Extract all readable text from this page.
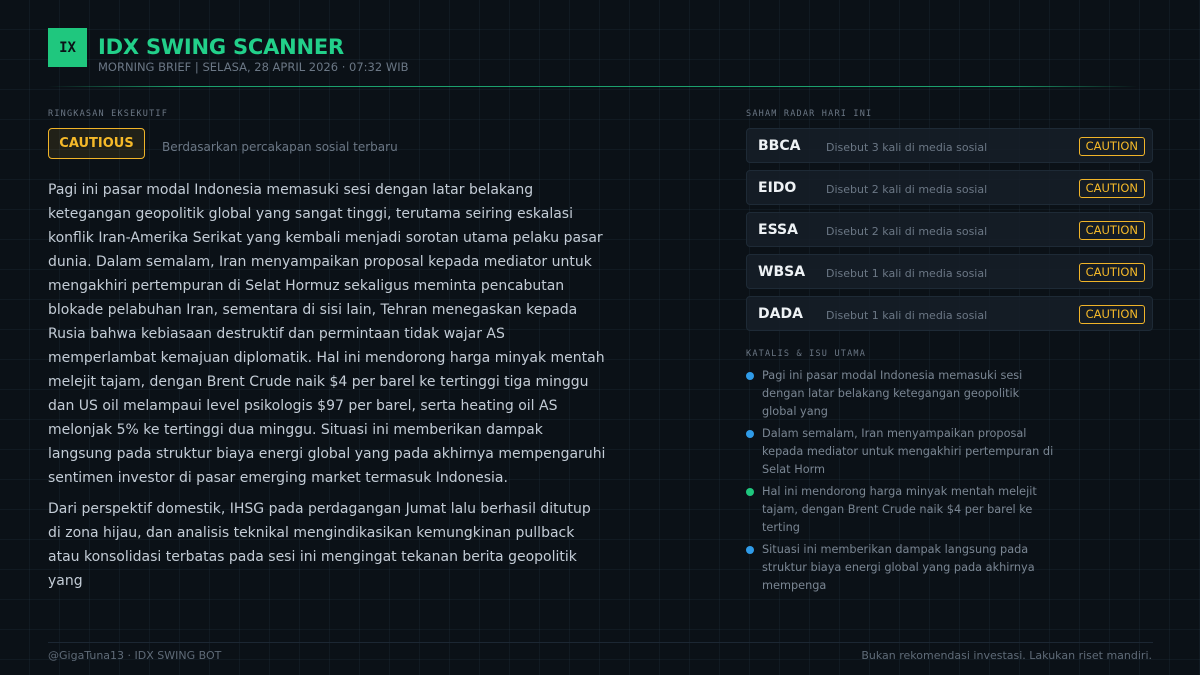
IX	IDX SWING SCANNER
MORNING BRIEF | SELASA, 28 APRIL 2026 · 07:32 WIB
RINGKASAN EKSEKUTIF
CAUTIOUS	Berdasarkan percakapan sosial terbaru

Pagi ini pasar modal Indonesia memasuki sesi dengan latar belakang ketegangan geopolitik global yang sangat tinggi, terutama seiring eskalasi konflik Iran-Amerika Serikat yang kembali menjadi sorotan utama pelaku pasar dunia. Dalam semalam, Iran menyampaikan proposal kepada mediator untuk mengakhiri pertempuran di Selat Hormuz sekaligus meminta pencabutan blokade pelabuhan Iran, sementara di sisi lain, Tehran menegaskan kepada Rusia bahwa kebiasaan destruktif dan permintaan tidak wajar AS memperlambat kemajuan diplomatik. Hal ini mendorong harga minyak mentah melejit tajam, dengan Brent Crude naik $4 per barel ke tertinggi tiga minggu dan US oil melampaui level psikologis $97 per barel, serta heating oil AS melonjak 5% ke tertinggi dua minggu. Situasi ini memberikan dampak langsung pada struktur biaya energi global yang pada akhirnya mempengaruhi sentimen investor di pasar emerging market termasuk Indonesia.

Dari perspektif domestik, IHSG pada perdagangan Jumat lalu berhasil ditutup di zona hijau, dan analisis teknikal mengindikasikan kemungkinan pullback atau konsolidasi terbatas pada sesi ini mengingat tekanan berita geopolitik yang

SAHAM RADAR HARI INI
BBCA Disebut 3 kali di media sosial	CAUTION
EIDO	Disebut 2 kali di media sosial	CAUTION
ESSA	Disebut 2 kali di media sosial	CAUTION
WBSA Disebut 1 kali di media sosial	CAUTION
DADA Disebut 1 kali di media sosial	CAUTION
KATALIS & ISU UTAMA
Pagi ini pasar modal Indonesia memasuki sesi dengan latar belakang ketegangan geopolitik global yang
Dalam semalam, Iran menyampaikan proposal kepada mediator untuk mengakhiri pertempuran di Selat Horm
Hal ini mendorong harga minyak mentah melejit tajam, dengan Brent Crude naik $4 per barel ke terting
Situasi ini memberikan dampak langsung pada struktur biaya energi global yang pada akhirnya mempenga
@GigaTuna13 · IDX SWING BOT	Bukan rekomendasi investasi. Lakukan riset mandiri.
